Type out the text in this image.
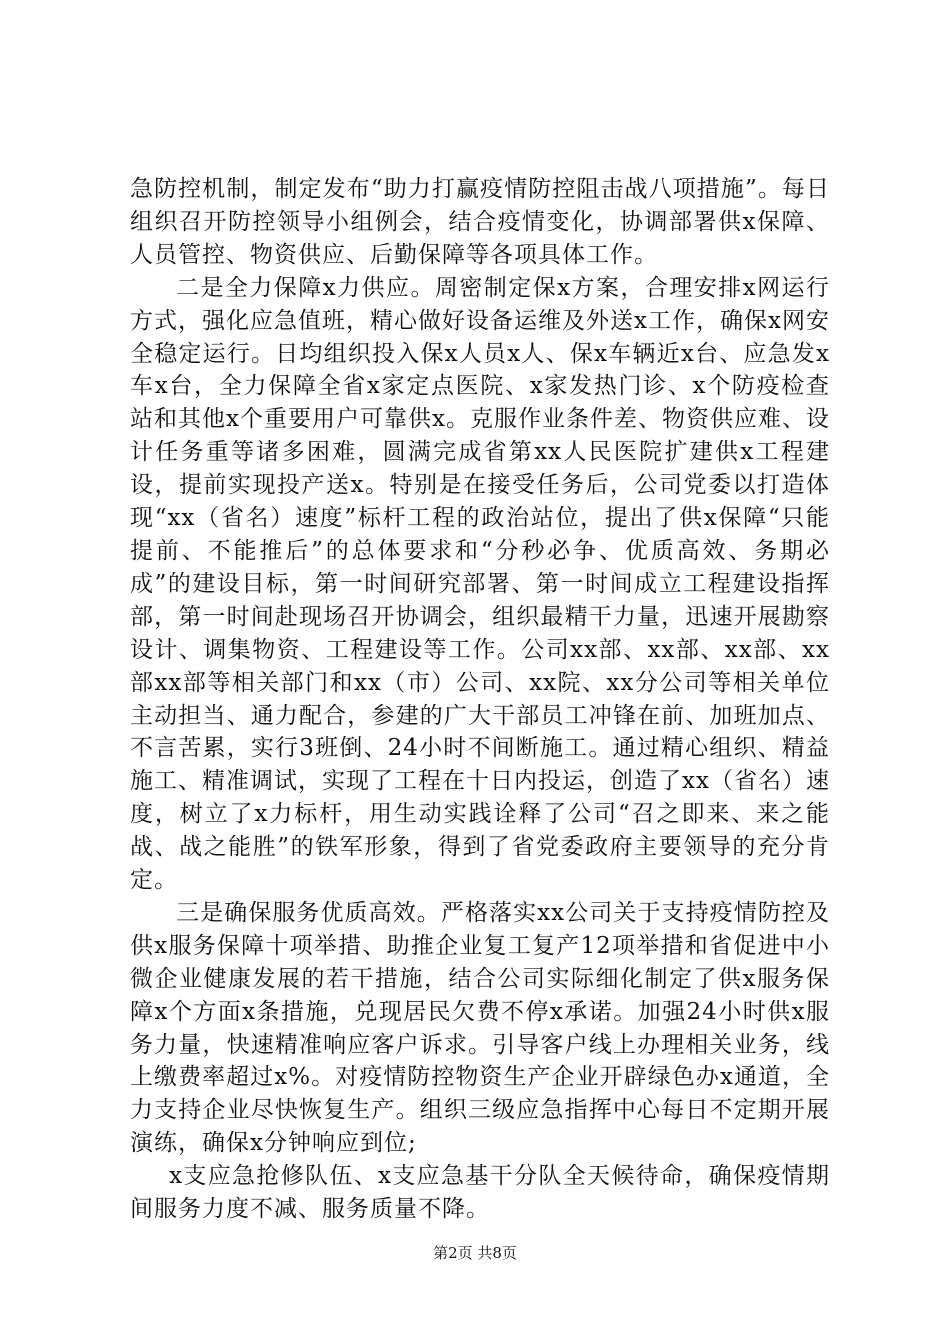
急防控机制，制定发布“助力打赢疫情防控阻击战八项措施”。每日组织召开防控领导小组例会，结合疫情变化，协调部署供x保障、人员管控、物资供应、后勤保障等各项具体工作。

二是全力保障x力供应。周密制定保x方案，合理安排x网运行方式，强化应急值班，精心做好设备运维及外送x工作，确保x网安全稳定运行。日均组织投入保x人员x人、保x车辆近x台、应急发x车x台，全力保障全省x家定点医院、x家发热门诊、x个防疫检查站和其他x个重要用户可靠供x。克服作业条件差、物资供应难、设计任务重等诸多困难，圆满完成省第xx人民医院扩建供x工程建设，提前实现投产送x。特别是在接受任务后，公司党委以打造体现“xx（省名）速度”标杆工程的政治站位，提出了供x保障“只能提前、不能推后”的总体要求和“分秒必争、优质高效、务期必成”的建设目标，第一时间研究部署、第一时间成立工程建设指挥部，第一时间赴现场召开协调会，组织最精干力量，迅速开展勘察设计、调集物资、工程建设等工作。公司xx部、xx部、xx部、xx部xx部等相关部门和xx（市）公司、xx院、xx分公司等相关单位主动担当、通力配合，参建的广大干部员工冲锋在前、加班加点、不言苦累，实行3班倒、24小时不间断施工。通过精心组织、精益施工、精准调试，实现了工程在十日内投运，创造了xx（省名）速度，树立了x力标杆，用生动实践诠释了公司“召之即来、来之能战、战之能胜”的铁军形象，得到了省党委政府主要领导的充分肯定。

三是确保服务优质高效。严格落实xx公司关于支持疫情防控及供x服务保障十项举措、助推企业复工复产12项举措和省促进中小微企业健康发展的若干措施，结合公司实际细化制定了供x服务保障x个方面x条措施，兑现居民欠费不停x承诺。加强24小时供x服务力量，快速精准响应客户诉求。引导客户线上办理相关业务，线上缴费率超过x%。对疫情防控物资生产企业开辟绿色办x通道，全力支持企业尽快恢复生产。组织三级应急指挥中心每日不定期开展演练，确保x分钟响应到位;

x支应急抢修队伍、x支应急基干分队全天候待命，确保疫情期间服务力度不减、服务质量不降。

第2页 共8页
